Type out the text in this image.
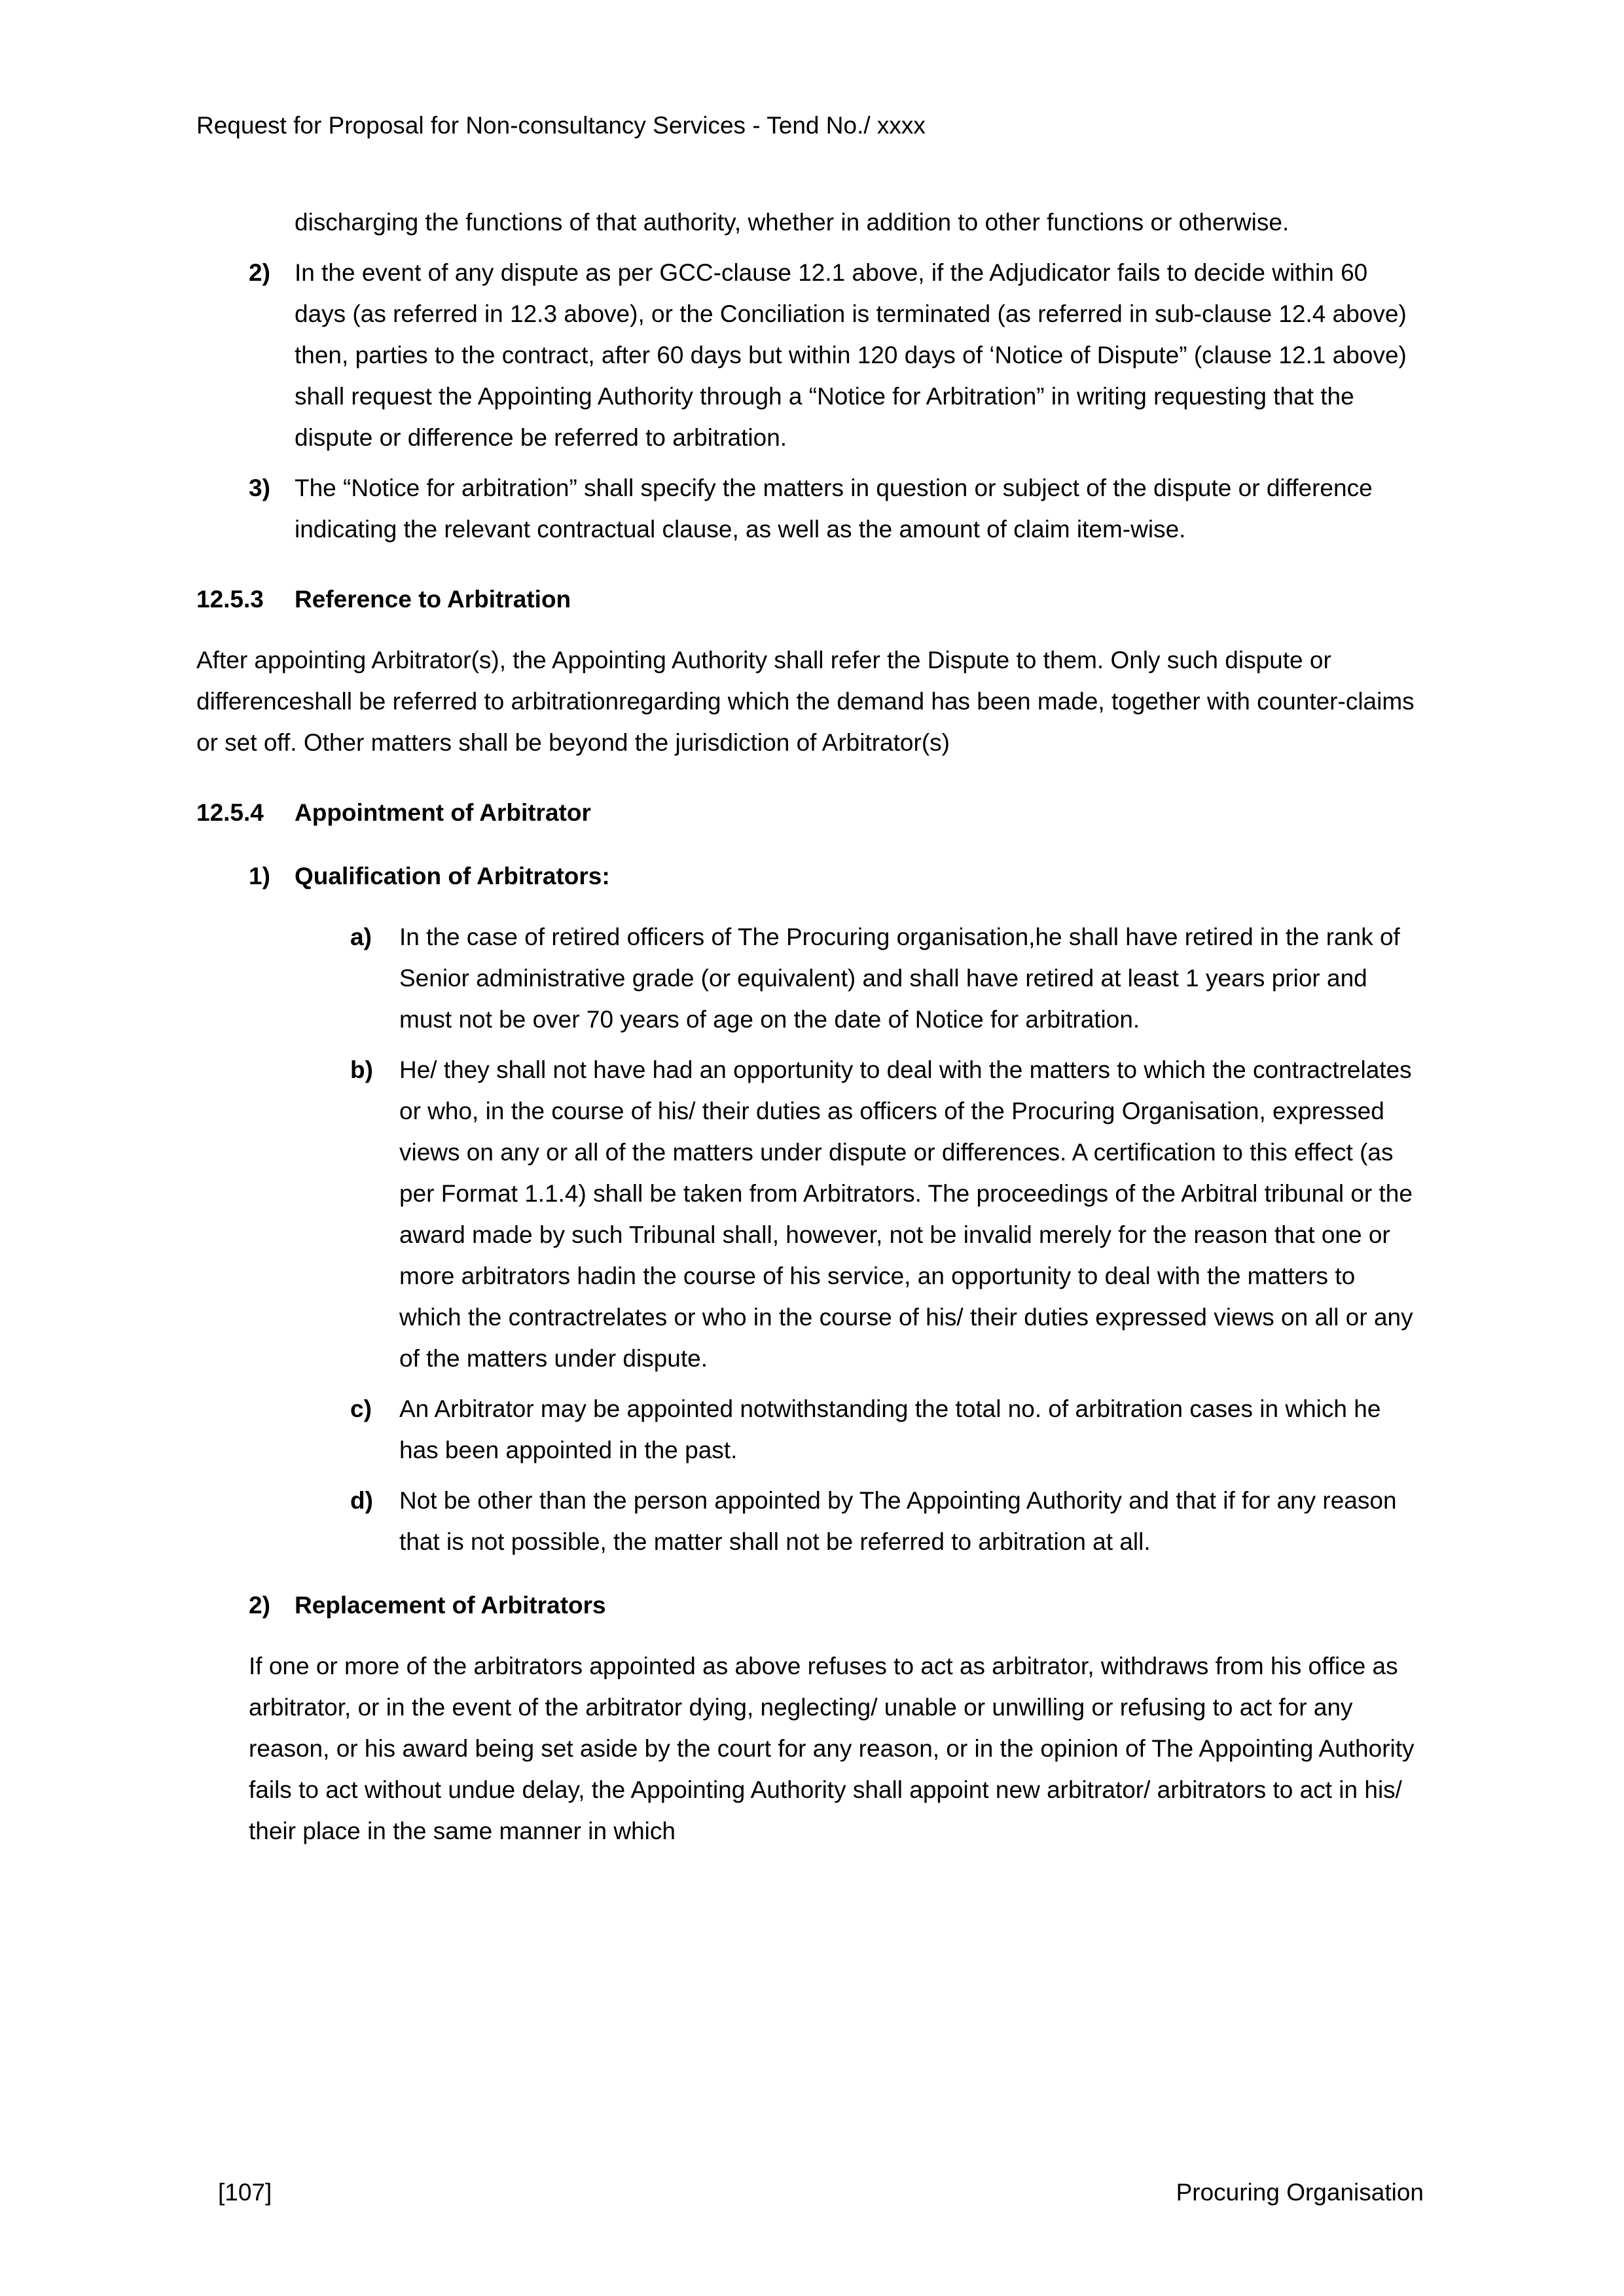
Request for Proposal for Non-consultancy Services - Tend No./ xxxx

discharging the functions of that authority, whether in addition to other functions or otherwise.

2)	In the event of any dispute as per GCC-clause 12.1 above, if the Adjudicator fails to decide within 60 days (as referred in 12.3 above), or the Conciliation is terminated (as referred in sub-clause 12.4 above) then, parties to the contract, after 60 days but within 120 days of ‘Notice of Dispute” (clause 12.1 above) shall request the Appointing Authority through a “Notice for Arbitration” in writing requesting that the dispute or difference be referred to arbitration.
3)	The “Notice for arbitration” shall specify the matters in question or subject of the dispute or difference indicating the relevant contractual clause, as well as the amount of claim item-wise.
12.5.3	Reference to Arbitration

After appointing Arbitrator(s), the Appointing Authority shall refer the Dispute to them. Only such dispute or differenceshall be referred to arbitrationregarding which the demand has been made, together with counter-claims or set off. Other matters shall be beyond the jurisdiction of Arbitrator(s)

12.5.4	Appointment of Arbitrator
1)	Qualification of Arbitrators:
a)	In the case of retired officers of The Procuring organisation,he shall have retired in the rank of Senior administrative grade (or equivalent) and shall have retired at least 1 years prior and must not be over 70 years of age on the date of Notice for arbitration.
b)	He/ they shall not have had an opportunity to deal with the matters to which the contractrelates or who, in the course of his/ their duties as officers of the Procuring Organisation, expressed views on any or all of the matters under dispute or differences. A certification to this effect (as per Format 1.1.4) shall be taken from Arbitrators. The proceedings of the Arbitral tribunal or the award made by such Tribunal shall, however, not be invalid merely for the reason that one or more arbitrators hadin the course of his service, an opportunity to deal with the matters to which the contractrelates or who in the course of his/ their duties expressed views on all or any of the matters under dispute.
c)	An Arbitrator may be appointed notwithstanding the total no. of arbitration cases in which he has been appointed in the past.
d)	Not be other than the person appointed by The Appointing Authority and that if for any reason that is not possible, the matter shall not be referred to arbitration at all.
2)	Replacement of Arbitrators

If one or more of the arbitrators appointed as above refuses to act as arbitrator, withdraws from his office as arbitrator, or in the event of the arbitrator dying, neglecting/ unable or unwilling or refusing to act for any reason, or his award being set aside by the court for any reason, or in the opinion of The Appointing Authority fails to act without undue delay, the Appointing Authority shall appoint new arbitrator/ arbitrators to act in his/ their place in the same manner in which

[107]	Procuring Organisation
